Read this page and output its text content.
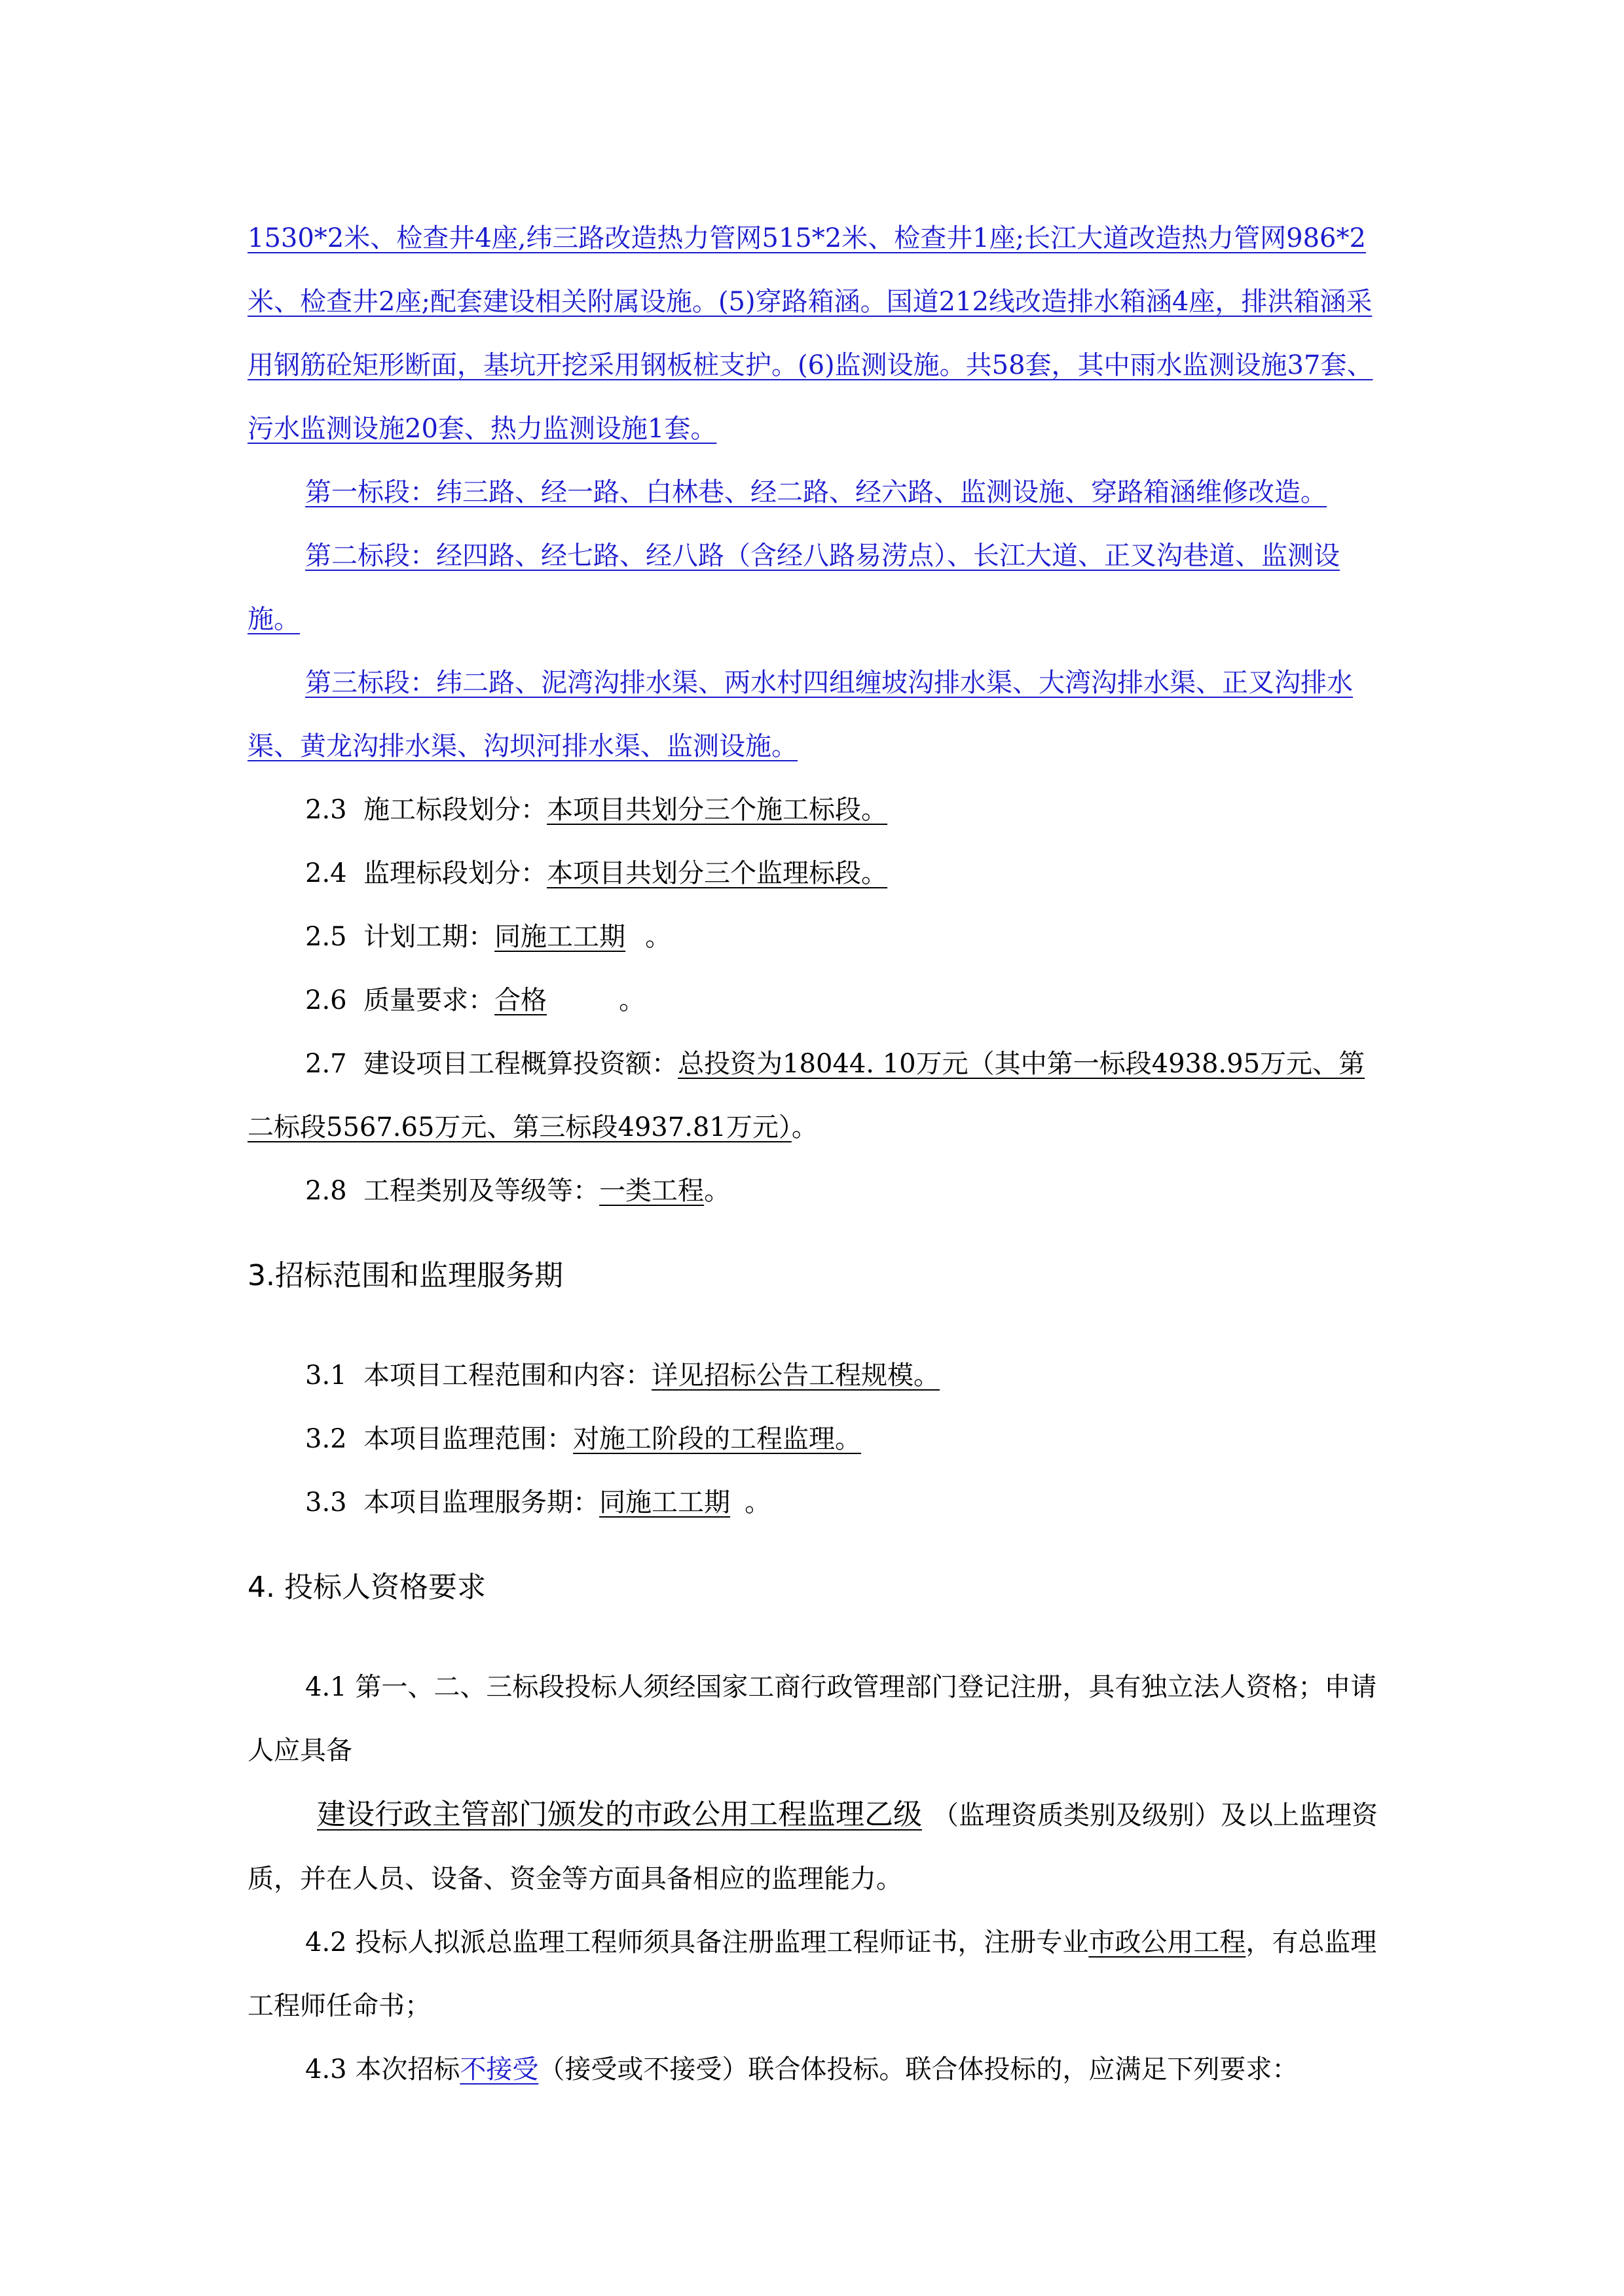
1530*2米、检查井4座,纬三路改造热力管网515*2米、检查井1座;长江大道改造热力管网986*2米、检查井2座;配套建设相关附属设施。(5)穿路箱涵。国道212线改造排水箱涵4座，排洪箱涵采用钢筋砼矩形断面，基坑开挖采用钢板桩支护。(6)监测设施。共58套，其中雨水监测设施37套、污水监测设施20套、热力监测设施1套。

第一标段：纬三路、经一路、白林巷、经二路、经六路、监测设施、穿路箱涵维修改造。

第二标段：经四路、经七路、经八路（含经八路易涝点）、长江大道、正叉沟巷道、监测设施。

第三标段：纬二路、泥湾沟排水渠、两水村四组缠坡沟排水渠、大湾沟排水渠、正叉沟排水渠、黄龙沟排水渠、沟坝河排水渠、监测设施。

2.3 施工标段划分：本项目共划分三个施工标段。

2.4 监理标段划分：本项目共划分三个监理标段。

2.5 计划工期：同施工工期 。

2.6 质量要求：合格	。

2.7 建设项目工程概算投资额：总投资为18044. 10万元（其中第一标段4938.95万元、第二标段5567.65万元、第三标段4937.81万元）。

2.8 工程类别及等级等：一类工程。

3.招标范围和监理服务期

3.1 本项目工程范围和内容：详见招标公告工程规模。

3.2 本项目监理范围：对施工阶段的工程监理。

3.3 本项目监理服务期：同施工工期 。

4. 投标人资格要求

4.1 第一、二、三标段投标人须经国家工商行政管理部门登记注册，具有独立法人资格；申请人应具备

建设行政主管部门颁发的市政公用工程监理乙级 （监理资质类别及级别）及以上监理资质，并在人员、设备、资金等方面具备相应的监理能力。

4.2 投标人拟派总监理工程师须具备注册监理工程师证书，注册专业市政公用工程，有总监理工程师任命书；

4.3 本次招标不接受（接受或不接受）联合体投标。联合体投标的，应满足下列要求：
